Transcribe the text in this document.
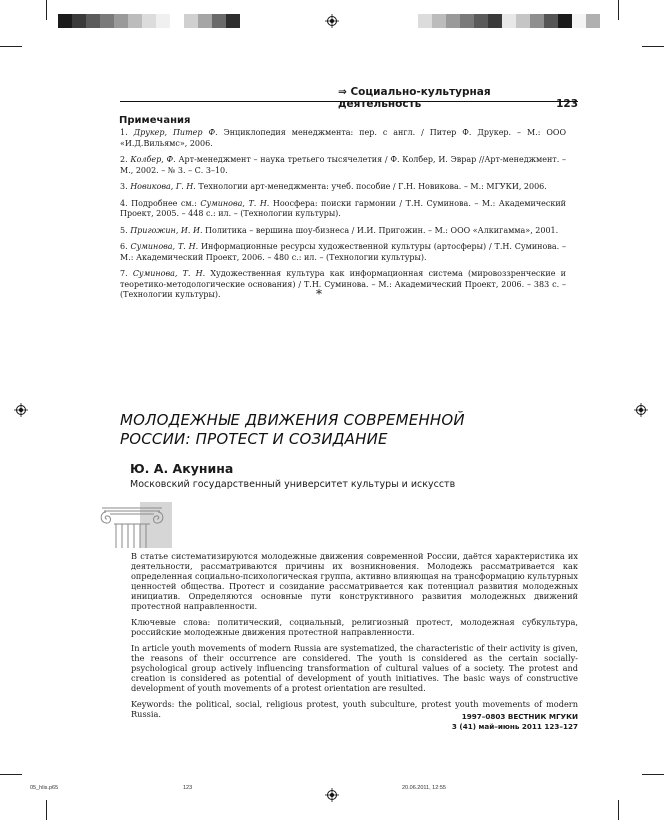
⇒ Социально-культурная деятельность	123
Примечания

1. Друкер, Питер Ф. Энциклопедия менеджмента: пер. с англ. / Питер Ф. Друкер. – М.: ООО «И.Д.Вильямс», 2006.

2. Колбер, Ф. Арт-менеджмент – наука третьего тысячелетия / Ф. Колбер, И. Эврар //Арт-менеджмент. – М., 2002. – № 3. – С. 3–10.

3. Новикова, Г. Н. Технологии арт-менеджмента: учеб. пособие / Г.Н. Новикова. – М.: МГУКИ, 2006.

4. Подробнее см.: Суминова, Т. Н. Ноосфера: поиски гармонии / Т.Н. Суминова. – М.: Академический Проект, 2005. – 448 с.: ил. – (Технологии культуры).

5. Пригожин, И. И. Политика – вершина шоу-бизнеса / И.И. Пригожин. – М.: ООО «Алкигамма», 2001.

6. Суминова, Т. Н. Информационные ресурсы художественной культуры (артосферы) / Т.Н. Суминова. – М.: Академический Проект, 2006. – 480 с.: ил. – (Технологии культуры).

7. Суминова, Т. Н. Художественная культура как информационная система (мировоззренческие и теоретико-методологические основания) / Т.Н. Суминова. – М.: Академический Проект, 2006. – 383 с. – (Технологии культуры).	*
МОЛОДЕЖНЫЕ ДВИЖЕНИЯ СОВРЕМЕННОЙ
РОССИИ: ПРОТЕСТ И СОЗИДАНИЕ
Ю. А. Акунина
Московский государственный университет культуры и искусств

В статье систематизируются молодежные движения современной России, даётся характеристика их деятельности, рассматриваются причины их возникновения. Молодежь рассматривается как определенная социально-психологическая группа, активно влияющая на трансформацию культурных ценностей общества. Протест и созидание рассматривается как потенциал развития молодежных инициатив. Определяются основные пути конструктивного развития молодежных движений протестной направленности.

Ключевые слова: политический, социальный, религиозный протест, молодежная субкультура, российские молодежные движения протестной направленности.

In article youth movements of modern Russia are systematized, the characteristic of their activity is given, the reasons of their occurrence are considered. The youth is considered as the certain socially-psychological group actively influencing transformation of cultural values of a society. The protest and creation is considered as potential of development of youth initiatives. The basic ways of constructive development of youth movements of a protest orientation are resulted.

Keywords: the political, social, religious protest, youth subculture, protest youth movements of modern Russia.	1997–0803 ВЕСТНИК МГУКИ
3 (41) май–июнь 2011 123–127
05_hlis.p65	123	20.06.2011, 12:55
